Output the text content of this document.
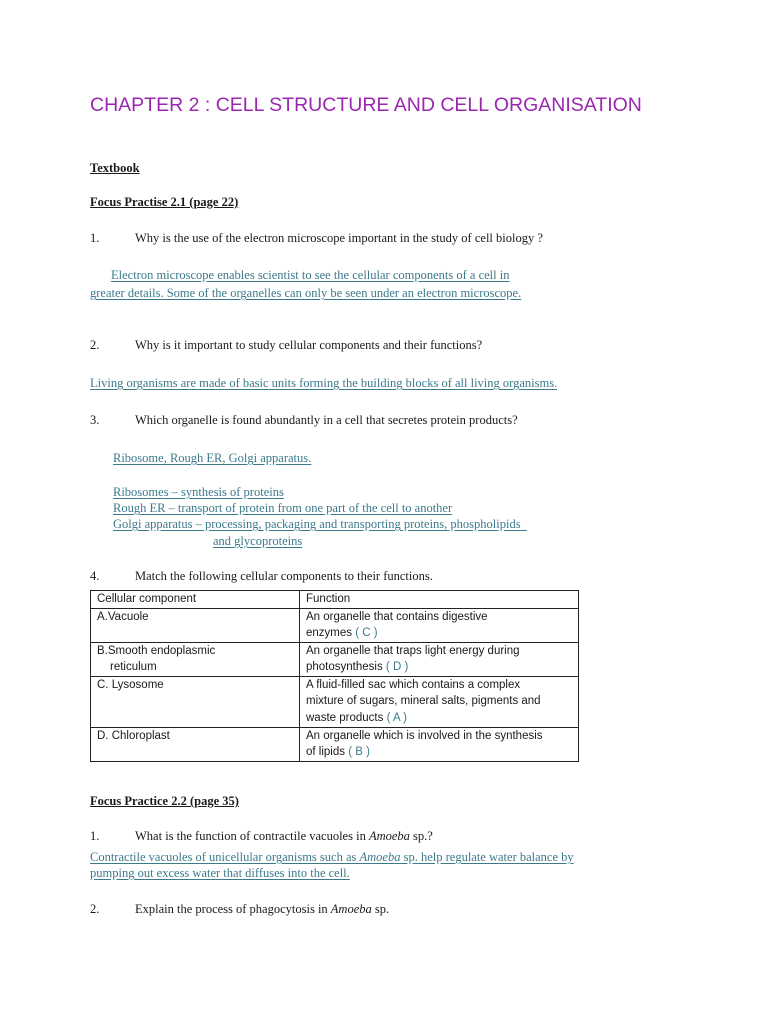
CHAPTER 2 : CELL STRUCTURE AND CELL ORGANISATION
Textbook
Focus Practise 2.1 (page 22)
1.	Why is the use of the electron microscope important in the study of cell biology ?
Electron microscope enables scientist to see the cellular components of a cell in
greater details. Some of the organelles can only be seen under an electron microscope.
2.	Why is it important to study cellular components and their functions?
Living organisms are made of basic units forming the building blocks of all living organisms.
3.	Which organelle is found abundantly in a cell that secretes protein products?
Ribosome, Rough ER, Golgi apparatus.
Ribosomes – synthesis of proteins
Rough ER – transport of protein from one part of the cell to another
Golgi apparatus – processing, packaging and transporting proteins, phospholipids
and glycoproteins
4.	Match the following cellular components to their functions.
Cellular component	Function
A.Vacuole	An organelle that contains digestive
enzymes ( C )
B.Smooth endoplasmic
reticulum	An organelle that traps light energy during
photosynthesis ( D )
C. Lysosome	A fluid-filled sac which contains a complex
mixture of sugars, mineral salts, pigments and
waste products ( A )
D. Chloroplast	An organelle which is involved in the synthesis
of lipids ( B )
Focus Practice 2.2 (page 35)
1.	What is the function of contractile vacuoles in Amoeba sp.?
Contractile vacuoles of unicellular organisms such as Amoeba sp. help regulate water balance by
pumping out excess water that diffuses into the cell.
2.	Explain the process of phagocytosis in Amoeba sp.
